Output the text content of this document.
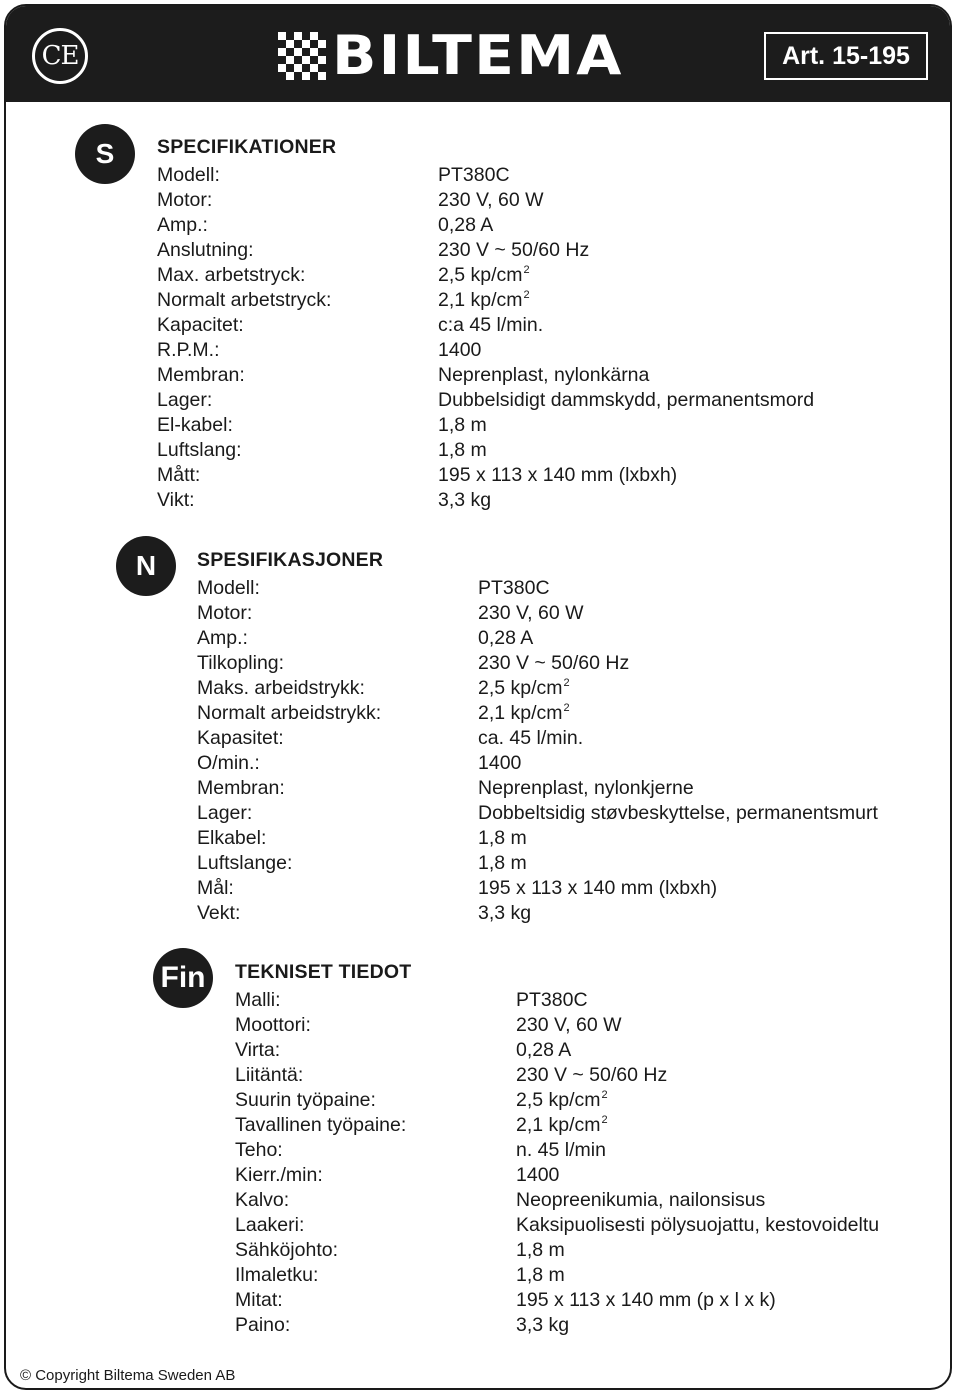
CE	BILTEMA	Art. 15-195
S
N
Fin
SPECIFIKATIONER
Modell:	PT380C
Motor:	230 V, 60 W
Amp.:	0,28 A
Anslutning:	230 V ~ 50/60 Hz
Max. arbetstryck:	2,5 $kp/cm^2$
Normalt arbetstryck:	2,1 $kp/cm^2$
Kapacitet:	c:a 45 l/min.
R.P.M.:	1400
Membran:	Neprenplast, nylonkärna
Lager:	Dubbelsidigt dammskydd, permanentsmord
El-kabel:	1,8 m
Luftslang:	1,8 m
Mått:	195 x 113 x 140 mm (lxbxh)
Vikt:	3,3 kg
SPESIFIKASJONER
Modell:	PT380C
Motor:	230 V, 60 W
Amp.:	0,28 A
Tilkopling:	230 V ~ 50/60 Hz
Maks. arbeidstrykk:	2,5 $kp/cm^2$
Normalt arbeidstrykk:	2,1 $kp/cm^2$
Kapasitet:	ca. 45 l/min.
O/min.:	1400
Membran:	Neprenplast, nylonkjerne
Lager:	Dobbeltsidig støvbeskyttelse, permanentsmurt
Elkabel:	1,8 m
Luftslange:	1,8 m
Mål:	195 x 113 x 140 mm (lxbxh)
Vekt:	3,3 kg
TEKNISET TIEDOT
Malli:	PT380C
Moottori:	230 V, 60 W
Virta:	0,28 A
Liitäntä:	230 V ~ 50/60 Hz
Suurin työpaine:	2,5 $kp/cm^2$
Tavallinen työpaine:	2,1 $kp/cm^2$
Teho:	n. 45 l/min
Kierr./min:	1400
Kalvo:	Neopreenikumia, nailonsisus
Laakeri:	Kaksipuolisesti pölysuojattu, kestovoideltu
Sähköjohto:	1,8 m
Ilmaletku:	1,8 m
Mitat:	195 x 113 x 140 mm (p x l x k)
Paino:	3,3 kg
© Copyright Biltema Sweden AB
